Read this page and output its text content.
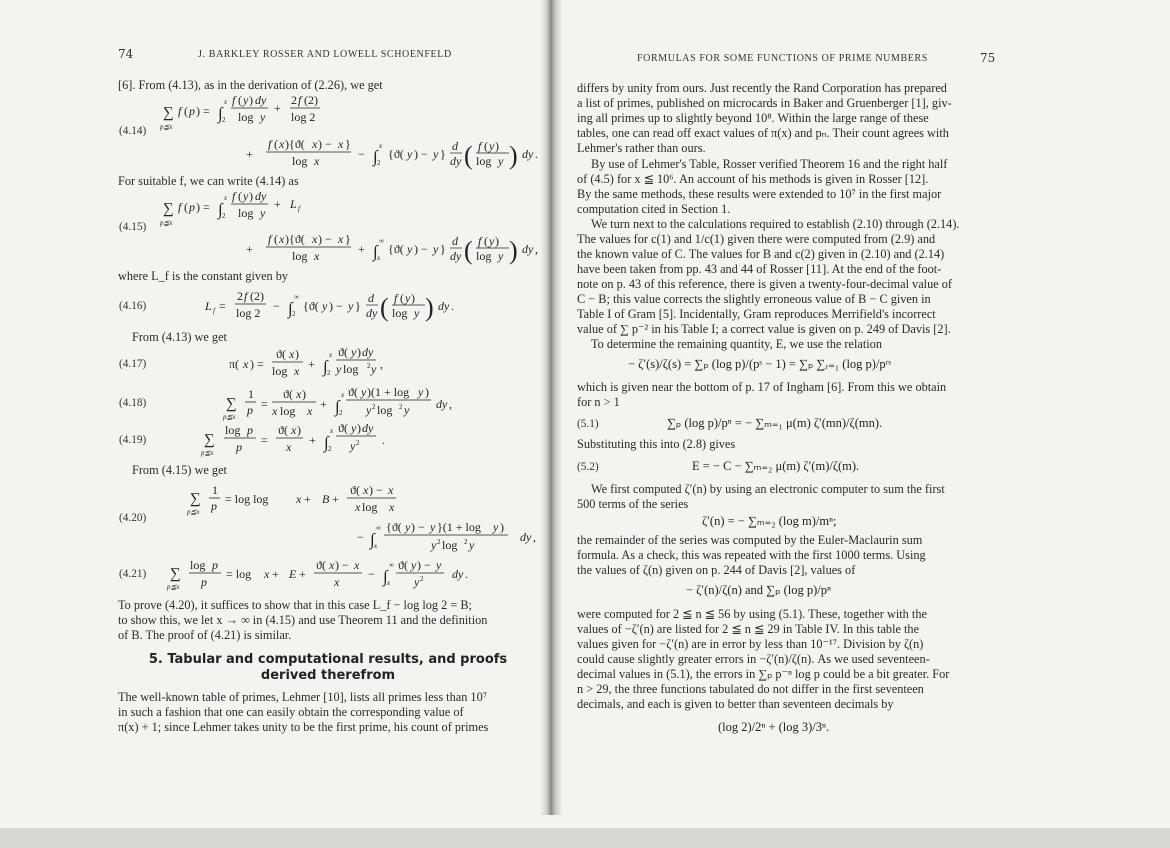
74	J. BARKLEY ROSSER AND LOWELL SCHOENFELD
[6]. From (4.13), as in the derivation of (2.26), we get
(4.14)
(4.15)
(4.16)
(4.17)
(4.18)
(4.19)
(4.20)
(4.21)
For suitable f, we can write (4.14) as
where L_f is the constant given by
From (4.13) we get
From (4.15) we get
To prove (4.20), it suffices to show that in this case L_f − log log 2 = B;
to show this, we let x → ∞ in (4.15) and use Theorem 11 and the definition
of B. The proof of (4.21) is similar.
5. Tabular and computational results, and proofs
derived therefrom
The well-known table of primes, Lehmer [10], lists all primes less than 10⁷
in such a fashion that one can easily obtain the corresponding value of
π(x) + 1; since Lehmer takes unity to be the first prime, his count of primes
∑
p≦x
f ( p ) = ∫
x
2
f ( y ) dy
log y
+
2 f (2)
log 2
+
f ( x ){ϑ( x ) − x }
log x	− ∫
x
2
{ϑ( y ) − y }
d
dy ( f ( y )
log y ) dy .
∑
p≦x
f ( p ) = ∫
x
2
f ( y ) dy
log y
+ L f
+
f ( x ){ϑ( x ) − x }
log x	+ ∫
∞
x
{ϑ( y ) − y }
d
dy ( f ( y )
log y ) dy ,
L f =
2 f (2)
log 2 − ∫
∞
2
{ϑ( y ) − y }
d
dy ( f ( y )
log y ) dy .
π( x ) =
ϑ( x )
log x + ∫
x
2
ϑ( y ) dy
y log 2 y ,
∑
p≦x
1
p =
ϑ( x )
x log x + ∫
x
2
ϑ( y )(1 + log y )
y 2 log 2 y dy ,
∑
p≦x
log p
p =
ϑ( x )
x + ∫
x
2
ϑ( y ) dy
y 2 .
∑
p≦x
1
p = log log x + B +
ϑ( x ) − x
x log x
− ∫
∞
x
{ϑ( y ) − y }(1 + log y )
y 2 log 2 y
dy ,
∑
p≦x
log p
p
= log x + E +
ϑ( x ) − x
x
− ∫
∞
x
ϑ( y ) − y
y 2 dy .
FORMULAS FOR SOME FUNCTIONS OF PRIME NUMBERS	75
differs by unity from ours. Just recently the Rand Corporation has prepared
a list of primes, published on microcards in Baker and Gruenberger [1], giv-
ing all primes up to slightly beyond 10⁸. Within the large range of these
tables, one can read off exact values of π(x) and pₙ. Their count agrees with
Lehmer's rather than ours.
By use of Lehmer's Table, Rosser verified Theorem 16 and the right half
of (4.5) for x ≦ 10⁶. An account of his methods is given in Rosser [12].
By the same methods, these results were extended to 10⁷ in the first major
computation cited in Section 1.
We turn next to the calculations required to establish (2.10) through (2.14).
The values for c(1) and 1/c(1) given there were computed from (2.9) and
the known value of C. The values for B and c(2) given in (2.10) and (2.14)
have been taken from pp. 43 and 44 of Rosser [11]. At the end of the foot-
note on p. 43 of this reference, there is given a twenty-four-decimal value of
C − B; this value corrects the slightly erroneous value of B − C given in
Table I of Gram [5]. Incidentally, Gram reproduces Merrifield's incorrect
value of ∑ p⁻² in his Table I; a correct value is given on p. 249 of Davis [2].
To determine the remaining quantity, E, we use the relation
− ζ′(s)/ζ(s) = ∑ₚ (log p)/(pˢ − 1) = ∑ₚ ∑ᵣ₌₁ (log p)/pʳˢ
which is given near the bottom of p. 17 of Ingham [6]. From this we obtain
for n > 1
(5.1)	∑ₚ (log p)/pⁿ = − ∑ₘ₌₁ μ(m) ζ′(mn)/ζ(mn).
Substituting this into (2.8) gives
(5.2)	E = − C − ∑ₘ₌₂ μ(m) ζ′(m)/ζ(m).
We first computed ζ′(n) by using an electronic computer to sum the first
500 terms of the series
ζ′(n) = − ∑ₘ₌₂ (log m)/mⁿ;
the remainder of the series was computed by the Euler-Maclaurin sum
formula. As a check, this was repeated with the first 1000 terms. Using
the values of ζ(n) given on p. 244 of Davis [2], values of
− ζ′(n)/ζ(n) and ∑ₚ (log p)/pⁿ
were computed for 2 ≦ n ≦ 56 by using (5.1). These, together with the
values of −ζ′(n) are listed for 2 ≦ n ≦ 29 in Table IV. In this table the
values given for −ζ′(n) are in error by less than 10⁻¹⁷. Division by ζ(n)
could cause slightly greater errors in −ζ′(n)/ζ(n). As we used seventeen-
decimal values in (5.1), the errors in ∑ₚ p⁻ⁿ log p could be a bit greater. For
n > 29, the three functions tabulated do not differ in the first seventeen
decimals, and each is given to better than seventeen decimals by
(log 2)/2ⁿ + (log 3)/3ⁿ.
